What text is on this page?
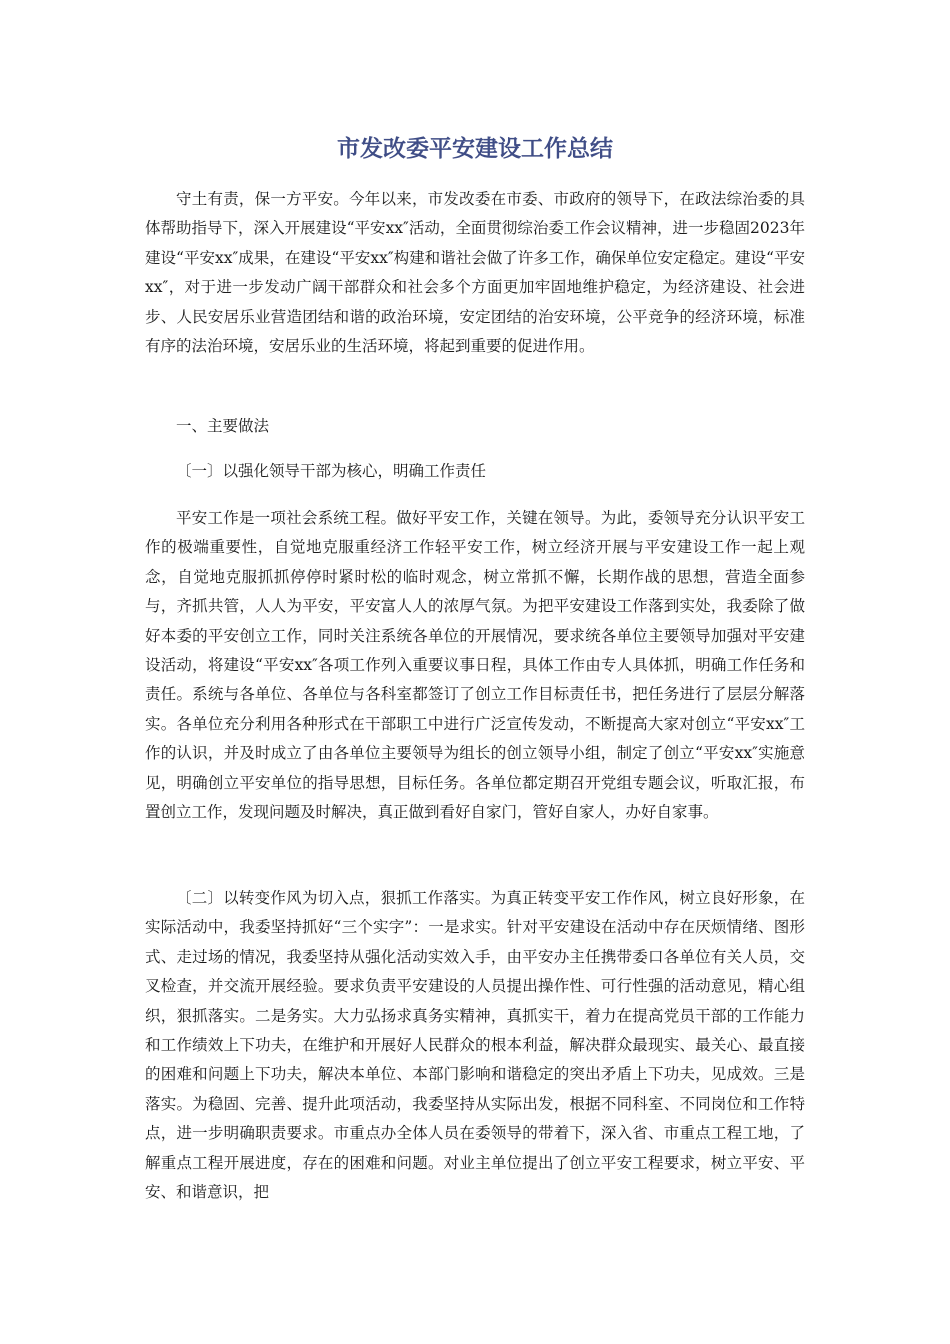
市发改委平安建设工作总结

守土有责，保一方平安。今年以来，市发改委在市委、市政府的领导下，在政法综治委的具体帮助指导下，深入开展建设“平安xx″活动，全面贯彻综治委工作会议精神，进一步稳固2023年建设“平安xx″成果，在建设“平安xx″构建和谐社会做了许多工作，确保单位安定稳定。建设“平安xx″，对于进一步发动广阔干部群众和社会多个方面更加牢固地维护稳定，为经济建设、社会进步、人民安居乐业营造团结和谐的政治环境，安定团结的治安环境，公平竞争的经济环境，标准有序的法治环境，安居乐业的生活环境，将起到重要的促进作用。

一、主要做法

〔一〕以强化领导干部为核心，明确工作责任

平安工作是一项社会系统工程。做好平安工作，关键在领导。为此，委领导充分认识平安工作的极端重要性，自觉地克服重经济工作轻平安工作，树立经济开展与平安建设工作一起上观念，自觉地克服抓抓停停时紧时松的临时观念，树立常抓不懈，长期作战的思想，营造全面参与，齐抓共管，人人为平安，平安富人人的浓厚气氛。为把平安建设工作落到实处，我委除了做好本委的平安创立工作，同时关注系统各单位的开展情况，要求统各单位主要领导加强对平安建设活动，将建设“平安xx″各项工作列入重要议事日程，具体工作由专人具体抓，明确工作任务和责任。系统与各单位、各单位与各科室都签订了创立工作目标责任书，把任务进行了层层分解落实。各单位充分利用各种形式在干部职工中进行广泛宣传发动，不断提高大家对创立“平安xx″工作的认识，并及时成立了由各单位主要领导为组长的创立领导小组，制定了创立“平安xx″实施意见，明确创立平安单位的指导思想，目标任务。各单位都定期召开党组专题会议，听取汇报，布置创立工作，发现问题及时解决，真正做到看好自家门，管好自家人，办好自家事。

〔二〕以转变作风为切入点，狠抓工作落实。为真正转变平安工作作风，树立良好形象，在实际活动中，我委坚持抓好“三个实字”：一是求实。针对平安建设在活动中存在厌烦情绪、图形式、走过场的情况，我委坚持从强化活动实效入手，由平安办主任携带委口各单位有关人员，交叉检查，并交流开展经验。要求负责平安建设的人员提出操作性、可行性强的活动意见，精心组织，狠抓落实。二是务实。大力弘扬求真务实精神，真抓实干，着力在提高党员干部的工作能力和工作绩效上下功夫，在维护和开展好人民群众的根本利益，解决群众最现实、最关心、最直接的困难和问题上下功夫，解决本单位、本部门影响和谐稳定的突出矛盾上下功夫，见成效。三是落实。为稳固、完善、提升此项活动，我委坚持从实际出发，根据不同科室、不同岗位和工作特点，进一步明确职责要求。市重点办全体人员在委领导的带着下，深入省、市重点工程工地，了解重点工程开展进度，存在的困难和问题。对业主单位提出了创立平安工程要求，树立平安、平安、和谐意识，把
